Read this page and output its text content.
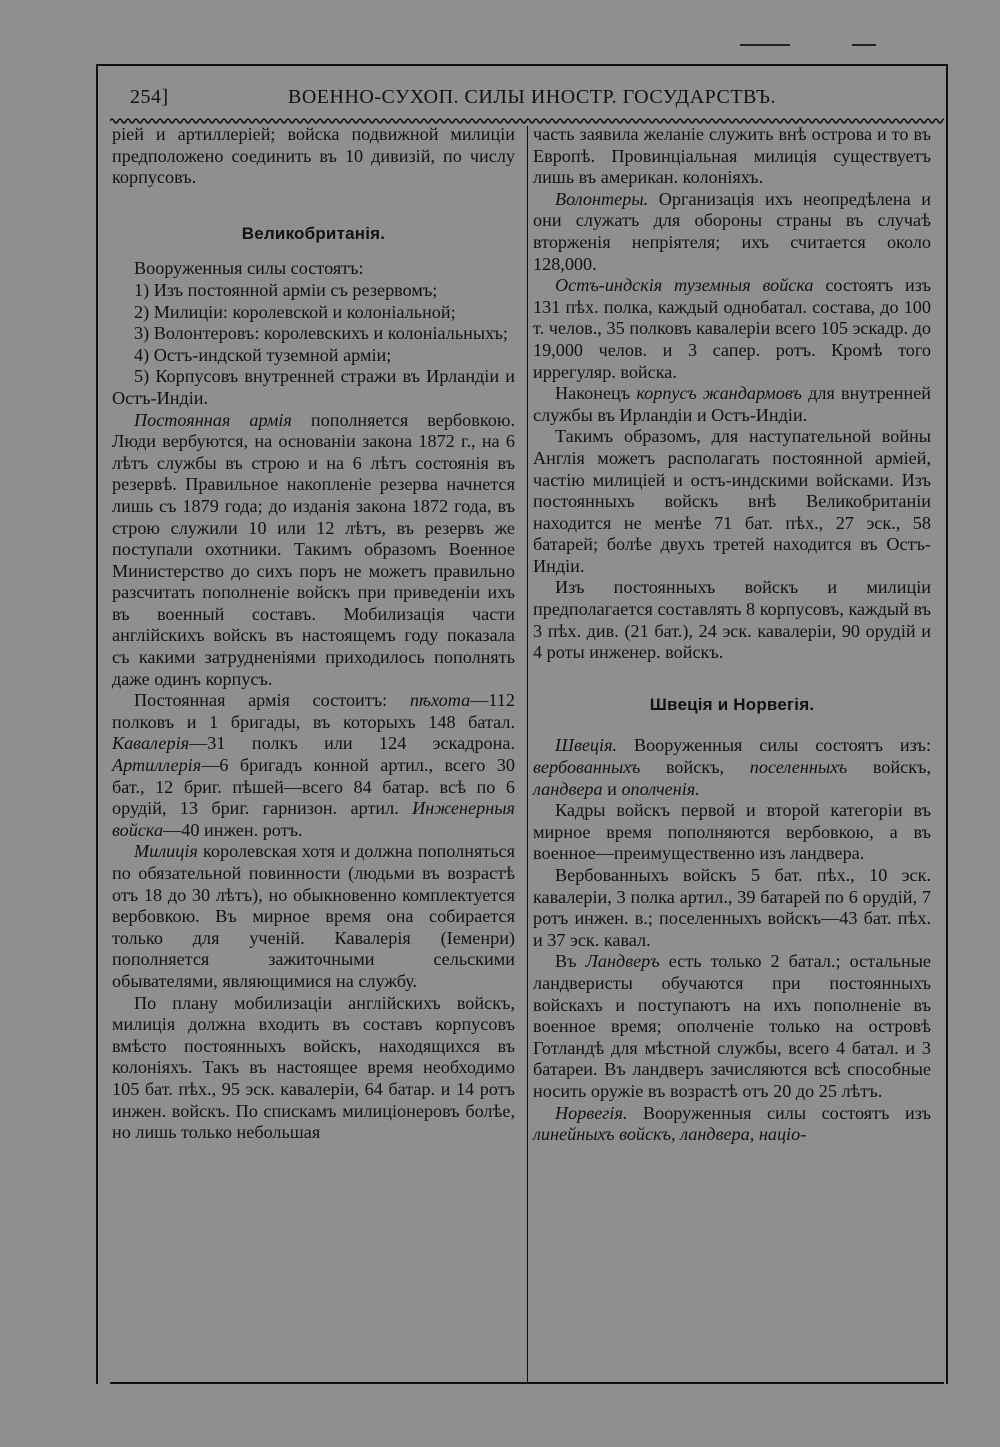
254]	ВОЕННО-СУХОП. СИЛЫ ИНОСТР. ГОСУДАРСТВЪ.

ріей и артиллеріей; войска подвижной милиціи предположено соединить въ 10 дивизій, по числу корпусовъ.

Великобританія.

Вооруженныя силы состоятъ:

1) Изъ постоянной арміи съ резервомъ;

2) Милиціи: королевской и колоніальной;

3) Волонтеровъ: королевскихъ и колоніальныхъ;

4) Остъ-индской туземной арміи;

5) Корпусовъ внутренней стражи въ Ирландіи и Остъ-Индіи.

Постоянная армія пополняется вербовкою. Люди вербуются, на основаніи закона 1872 г., на 6 лѣтъ службы въ строю и на 6 лѣтъ состоянія въ резервѣ. Правильное накопленіе резерва начнется лишь съ 1879 года; до изданія закона 1872 года, въ строю служили 10 или 12 лѣтъ, въ резервъ же поступали охотники. Такимъ образомъ Военное Министерство до сихъ поръ не можетъ правильно разсчитать пополненіе войскъ при приведеніи ихъ въ военный составъ. Мобилизація части англійскихъ войскъ въ настоящемъ году показала съ какими затрудненіями приходилось пополнять даже одинъ корпусъ.

Постоянная армія состоитъ: пѣхота—112 полковъ и 1 бригады, въ которыхъ 148 батал. Кавалерія—31 полкъ или 124 эскадрона. Артиллерія—6 бригадъ конной артил., всего 30 бат., 12 бриг. пѣшей—всего 84 батар. всѣ по 6 орудій, 13 бриг. гарнизон. артил. Инженерныя войска—40 инжен. ротъ.

Милиція королевская хотя и должна пополняться по обязательной повинности (людьми въ возрастѣ отъ 18 до 30 лѣтъ), но обыкновенно комплектуется вербовкою. Въ мирное время она собирается только для ученій. Кавалерія (Іеменри) пополняется зажиточными сельскими обывателями, являющимися на службу.

По плану мобилизаціи англійскихъ войскъ, милиція должна входить въ составъ корпусовъ вмѣсто постоянныхъ войскъ, находящихся въ колоніяхъ. Такъ въ настоящее время необходимо 105 бат. пѣх., 95 эск. кавалеріи, 64 батар. и 14 ротъ инжен. войскъ. По спискамъ милиціонеровъ болѣе, но лишь только небольшая

часть заявила желаніе служить внѣ острова и то въ Европѣ. Провинціальная милиція существуетъ лишь въ американ. колоніяхъ.

Волонтеры. Организація ихъ неопредѣлена и они служатъ для обороны страны въ случаѣ вторженія непріятеля; ихъ считается около 128,000.

Остъ-индскія туземныя войска состоятъ изъ 131 пѣх. полка, каждый однобатал. состава, до 100 т. челов., 35 полковъ кавалеріи всего 105 эскадр. до 19,000 челов. и 3 сапер. ротъ. Кромѣ того иррегуляр. войска.

Наконецъ корпусъ жандармовъ для внутренней службы въ Ирландіи и Остъ-Индіи.

Такимъ образомъ, для наступательной войны Англія можетъ располагать постоянной арміей, частію милиціей и остъ-индскими войсками. Изъ постоянныхъ войскъ внѣ Великобританіи находится не менѣе 71 бат. пѣх., 27 эск., 58 батарей; болѣе двухъ третей находится въ Остъ-Индіи.

Изъ постоянныхъ войскъ и милиціи предполагается составлять 8 корпусовъ, каждый въ 3 пѣх. див. (21 бат.), 24 эск. кавалеріи, 90 орудій и 4 роты инженер. войскъ.

Швеція и Норвегія.

Швеція. Вооруженныя силы состоятъ изъ: вербованныхъ войскъ, поселенныхъ войскъ, ландвера и ополченія.

Кадры войскъ первой и второй категоріи въ мирное время пополняются вербовкою, а въ военное—преимущественно изъ ландвера.

Вербованныхъ войскъ 5 бат. пѣх., 10 эск. кавалеріи, 3 полка артил., 39 батарей по 6 орудій, 7 ротъ инжен. в.; поселенныхъ войскъ—43 бат. пѣх. и 37 эск. кавал.

Въ Ландверъ есть только 2 батал.; остальные ландвeристы обучаются при постоянныхъ войскахъ и поступаютъ на ихъ пополненіе въ военное время; ополченіе только на островѣ Готландѣ для мѣстной службы, всего 4 батал. и 3 батареи. Въ ландверъ зачисляются всѣ способные носить оружіе въ возрастѣ отъ 20 до 25 лѣтъ.

Норвегія. Вооруженныя силы состоятъ изъ линейныхъ войскъ, ландвера, націо-
